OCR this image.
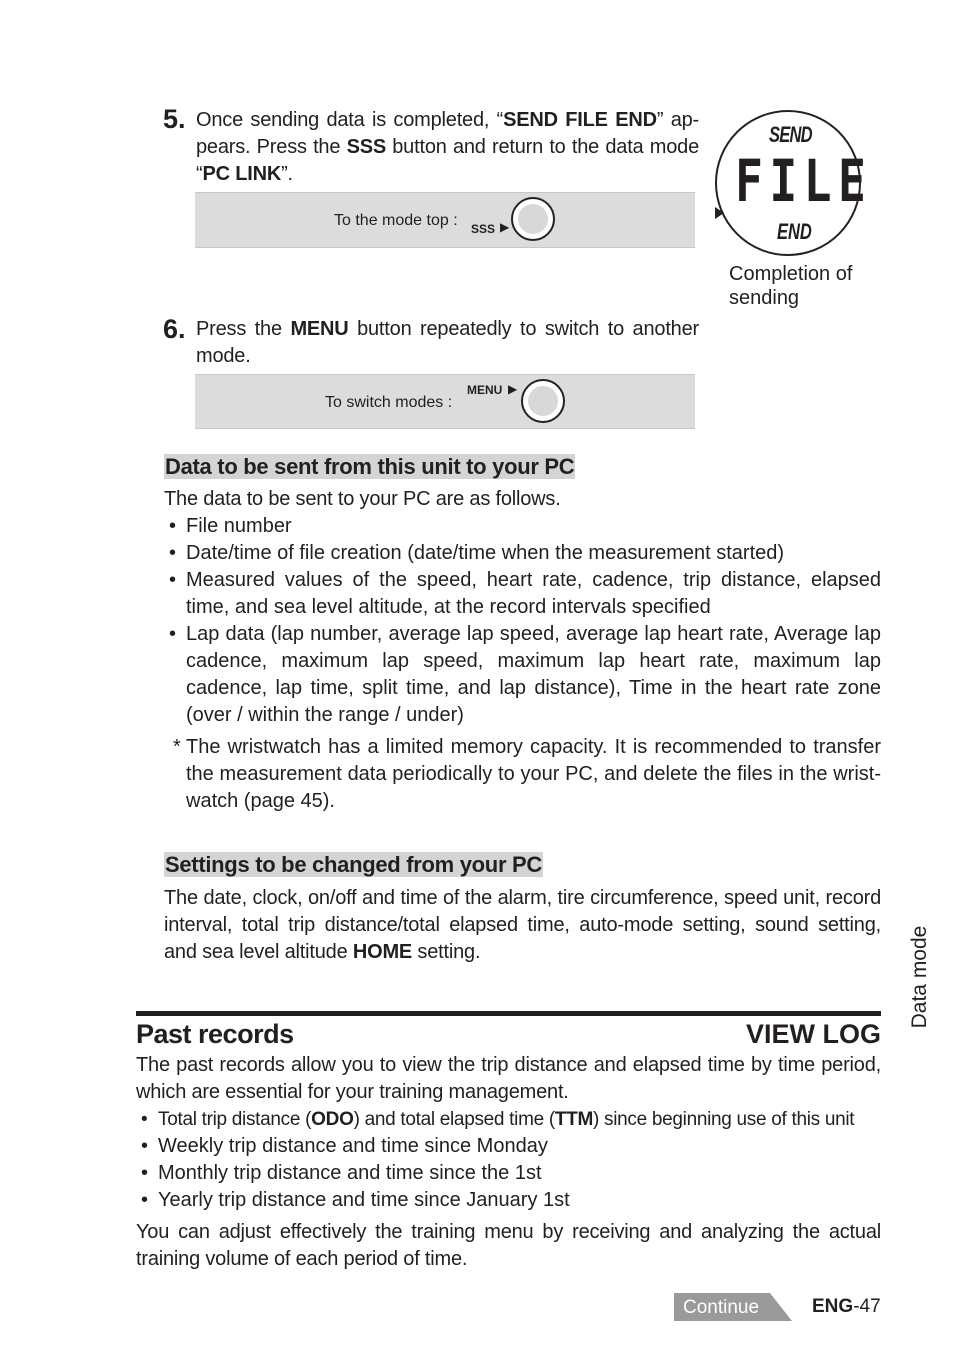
5. Once sending data is completed, “SEND FILE END” ap-pears. Press the SSS button and return to the data mode “PC LINK”.
To the mode top : SSS ▶
SEND
FILE
END
Completion of sending
6. Press the MENU button repeatedly to switch to another mode.
To switch modes :
MENU ▶
Data to be sent from this unit to your PC
The data to be sent to your PC are as follows.
• File number
• Date/time of file creation (date/time when the measurement started)
• Measured values of the speed, heart rate, cadence, trip distance, elapsed time, and sea level altitude, at the record intervals specified
• Lap data (lap number, average lap speed, average lap heart rate, Average lap cadence, maximum lap speed, maximum lap heart rate, maximum lap cadence, lap time, split time, and lap distance), Time in the heart rate zone (over / within the range / under)
* The wristwatch has a limited memory capacity. It is recommended to transfer the measurement data periodically to your PC, and delete the files in the wrist-watch (page 45).
Settings to be changed from your PC
The date, clock, on/off and time of the alarm, tire circumference, speed unit, record interval, total trip distance/total elapsed time, auto-mode setting, sound setting, and sea level altitude HOME setting.	Data mode
Past records	VIEW LOG
The past records allow you to view the trip distance and elapsed time by time period, which are essential for your training management.
• Total trip distance (ODO) and total elapsed time (TTM) since beginning use of this unit
• Weekly trip distance and time since Monday
• Monthly trip distance and time since the 1st
• Yearly trip distance and time since January 1st
You can adjust effectively the training menu by receiving and analyzing the actual training volume of each period of time.
Continue	ENG-47
